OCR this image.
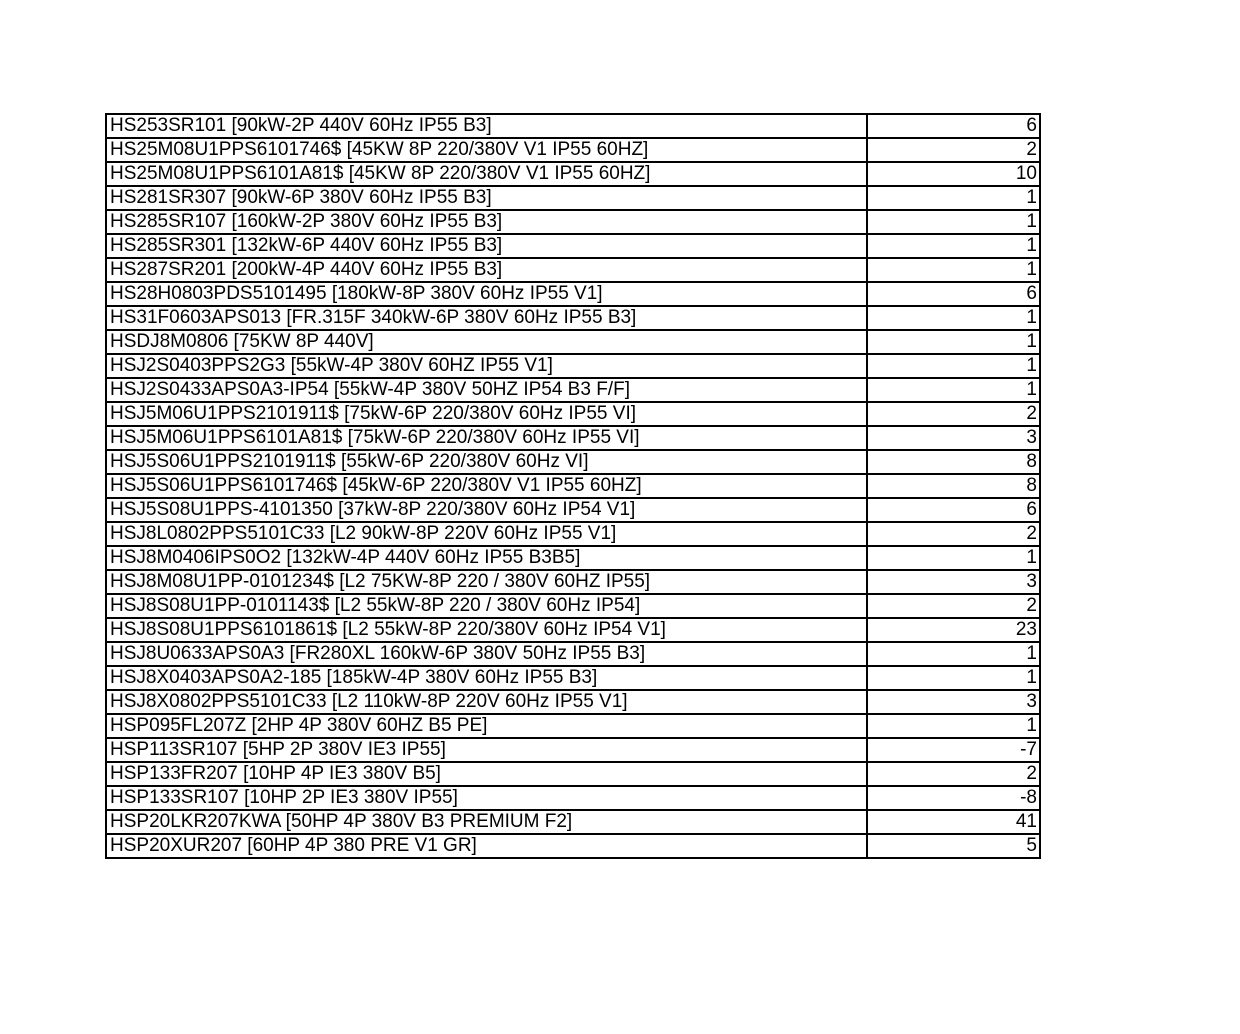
HS253SR101 [90kW-2P 440V 60Hz IP55 B3]	6
HS25M08U1PPS6101746$ [45KW 8P 220/380V V1 IP55 60HZ]	2
HS25M08U1PPS6101A81$ [45KW 8P 220/380V V1 IP55 60HZ]	10
HS281SR307 [90kW-6P 380V 60Hz IP55 B3]	1
HS285SR107 [160kW-2P 380V 60Hz IP55 B3]	1
HS285SR301 [132kW-6P 440V 60Hz IP55 B3]	1
HS287SR201 [200kW-4P 440V 60Hz IP55 B3]	1
HS28H0803PDS5101495 [180kW-8P 380V 60Hz IP55 V1]	6
HS31F0603APS013 [FR.315F 340kW-6P 380V 60Hz IP55 B3]	1
HSDJ8M0806 [75KW 8P 440V]	1
HSJ2S0403PPS2G3 [55kW-4P 380V 60HZ IP55 V1]	1
HSJ2S0433APS0A3-IP54 [55kW-4P 380V 50HZ IP54 B3 F/F]	1
HSJ5M06U1PPS2101911$ [75kW-6P 220/380V 60Hz IP55 VI]	2
HSJ5M06U1PPS6101A81$ [75kW-6P 220/380V 60Hz IP55 VI]	3
HSJ5S06U1PPS2101911$ [55kW-6P 220/380V 60Hz VI]	8
HSJ5S06U1PPS6101746$ [45kW-6P 220/380V V1 IP55 60HZ]	8
HSJ5S08U1PPS-4101350 [37kW-8P 220/380V 60Hz IP54 V1]	6
HSJ8L0802PPS5101C33 [L2 90kW-8P 220V 60Hz IP55 V1]	2
HSJ8M0406IPS0O2 [132kW-4P 440V 60Hz IP55 B3B5]	1
HSJ8M08U1PP-0101234$ [L2 75KW-8P 220 / 380V 60HZ IP55]	3
HSJ8S08U1PP-0101143$ [L2 55kW-8P 220 / 380V 60Hz IP54]	2
HSJ8S08U1PPS6101861$ [L2 55kW-8P 220/380V 60Hz IP54 V1]	23
HSJ8U0633APS0A3 [FR280XL 160kW-6P 380V 50Hz IP55 B3]	1
HSJ8X0403APS0A2-185 [185kW-4P 380V 60Hz IP55 B3]	1
HSJ8X0802PPS5101C33 [L2 110kW-8P 220V 60Hz IP55 V1]	3
HSP095FL207Z [2HP 4P 380V 60HZ B5 PE]	1
HSP113SR107 [5HP 2P 380V IE3 IP55]	-7
HSP133FR207 [10HP 4P IE3 380V B5]	2
HSP133SR107 [10HP 2P IE3 380V IP55]	-8
HSP20LKR207KWA [50HP 4P 380V B3 PREMIUM F2]	41
HSP20XUR207 [60HP 4P 380 PRE V1 GR]	5
